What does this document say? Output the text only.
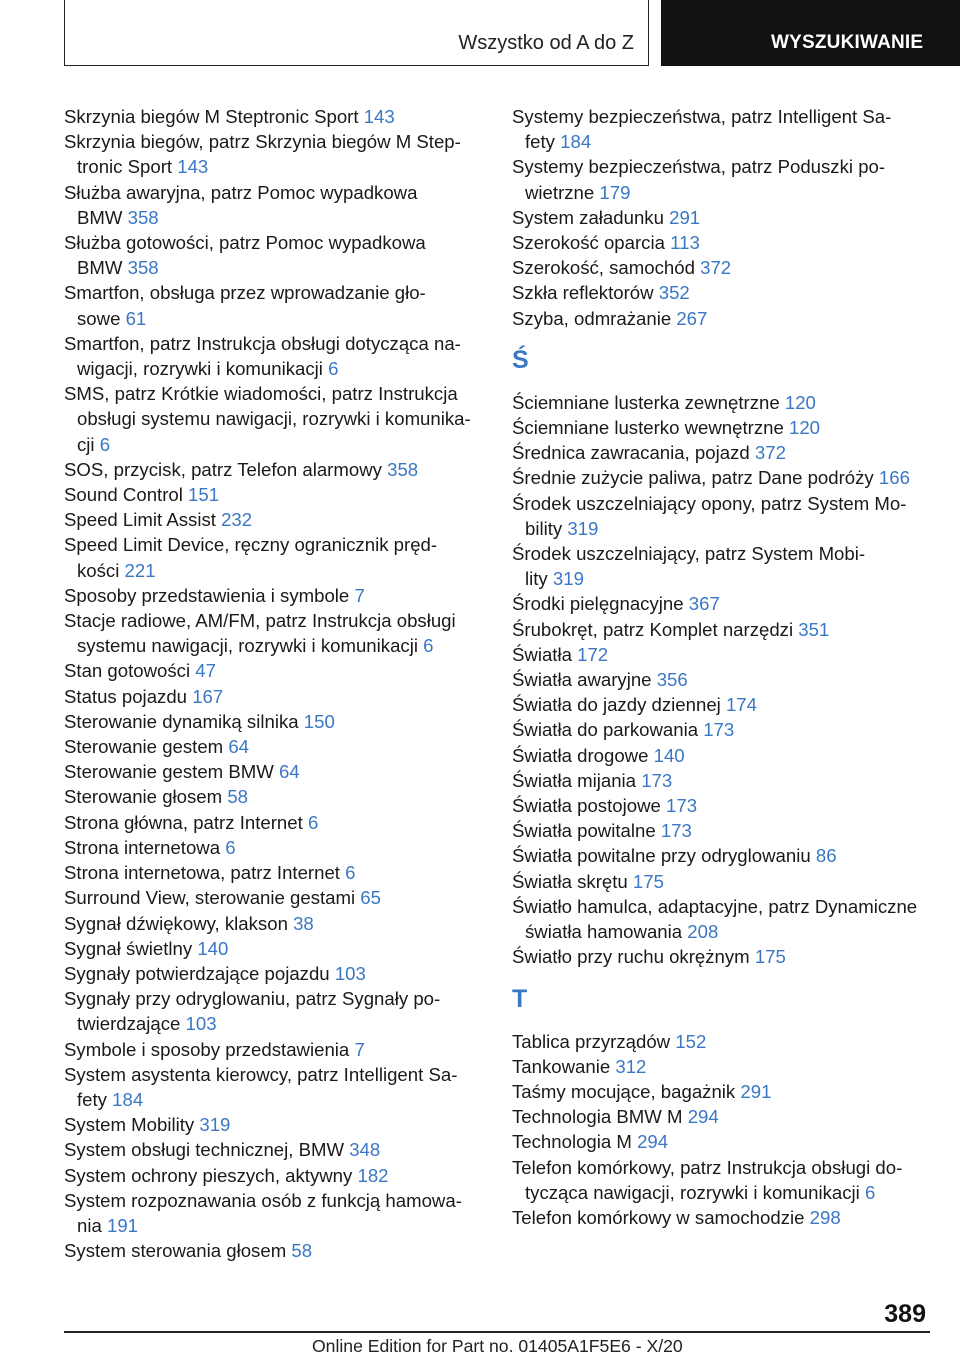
Wszystko od A do Z	WYSZUKIWANIE
Skrzynia biegów M Steptronic Sport 143
Skrzynia biegów, patrz Skrzynia biegów M Step-
tronic Sport 143
Służba awaryjna, patrz Pomoc wypadkowa
BMW 358
Służba gotowości, patrz Pomoc wypadkowa
BMW 358
Smartfon, obsługa przez wprowadzanie gło-
sowe 61
Smartfon, patrz Instrukcja obsługi dotycząca na-
wigacji, rozrywki i komunikacji 6
SMS, patrz Krótkie wiadomości, patrz Instrukcja
obsługi systemu nawigacji, rozrywki i komunika-
cji 6
SOS, przycisk, patrz Telefon alarmowy 358
Sound Control 151
Speed Limit Assist 232
Speed Limit Device, ręczny ogranicznik pręd-
kości 221
Sposoby przedstawienia i symbole 7
Stacje radiowe, AM/FM, patrz Instrukcja obsługi
systemu nawigacji, rozrywki i komunikacji 6
Stan gotowości 47
Status pojazdu 167
Sterowanie dynamiką silnika 150
Sterowanie gestem 64
Sterowanie gestem BMW 64
Sterowanie głosem 58
Strona główna, patrz Internet 6
Strona internetowa 6
Strona internetowa, patrz Internet 6
Surround View, sterowanie gestami 65
Sygnał dźwiękowy, klakson 38
Sygnał świetlny 140
Sygnały potwierdzające pojazdu 103
Sygnały przy odryglowaniu, patrz Sygnały po-
twierdzające 103
Symbole i sposoby przedstawienia 7
System asystenta kierowcy, patrz Intelligent Sa-
fety 184
System Mobility 319
System obsługi technicznej, BMW 348
System ochrony pieszych, aktywny 182
System rozpoznawania osób z funkcją hamowa-
nia 191
System sterowania głosem 58
Systemy bezpieczeństwa, patrz Intelligent Sa-
fety 184
Systemy bezpieczeństwa, patrz Poduszki po-
wietrzne 179
System załadunku 291
Szerokość oparcia 113
Szerokość, samochód 372
Szkła reflektorów 352
Szyba, odmrażanie 267
Ś
Ściemniane lusterka zewnętrzne 120
Ściemniane lusterko wewnętrzne 120
Średnica zawracania, pojazd 372
Średnie zużycie paliwa, patrz Dane podróży 166
Środek uszczelniający opony, patrz System Mo-
bility 319
Środek uszczelniający, patrz System Mobi-
lity 319
Środki pielęgnacyjne 367
Śrubokręt, patrz Komplet narzędzi 351
Światła 172
Światła awaryjne 356
Światła do jazdy dziennej 174
Światła do parkowania 173
Światła drogowe 140
Światła mijania 173
Światła postojowe 173
Światła powitalne 173
Światła powitalne przy odryglowaniu 86
Światła skrętu 175
Światło hamulca, adaptacyjne, patrz Dynamiczne
światła hamowania 208
Światło przy ruchu okrężnym 175
T
Tablica przyrządów 152
Tankowanie 312
Taśmy mocujące, bagażnik 291
Technologia BMW M 294
Technologia M 294
Telefon komórkowy, patrz Instrukcja obsługi do-
tycząca nawigacji, rozrywki i komunikacji 6
Telefon komórkowy w samochodzie 298
389
Online Edition for Part no. 01405A1F5E6 - X/20
